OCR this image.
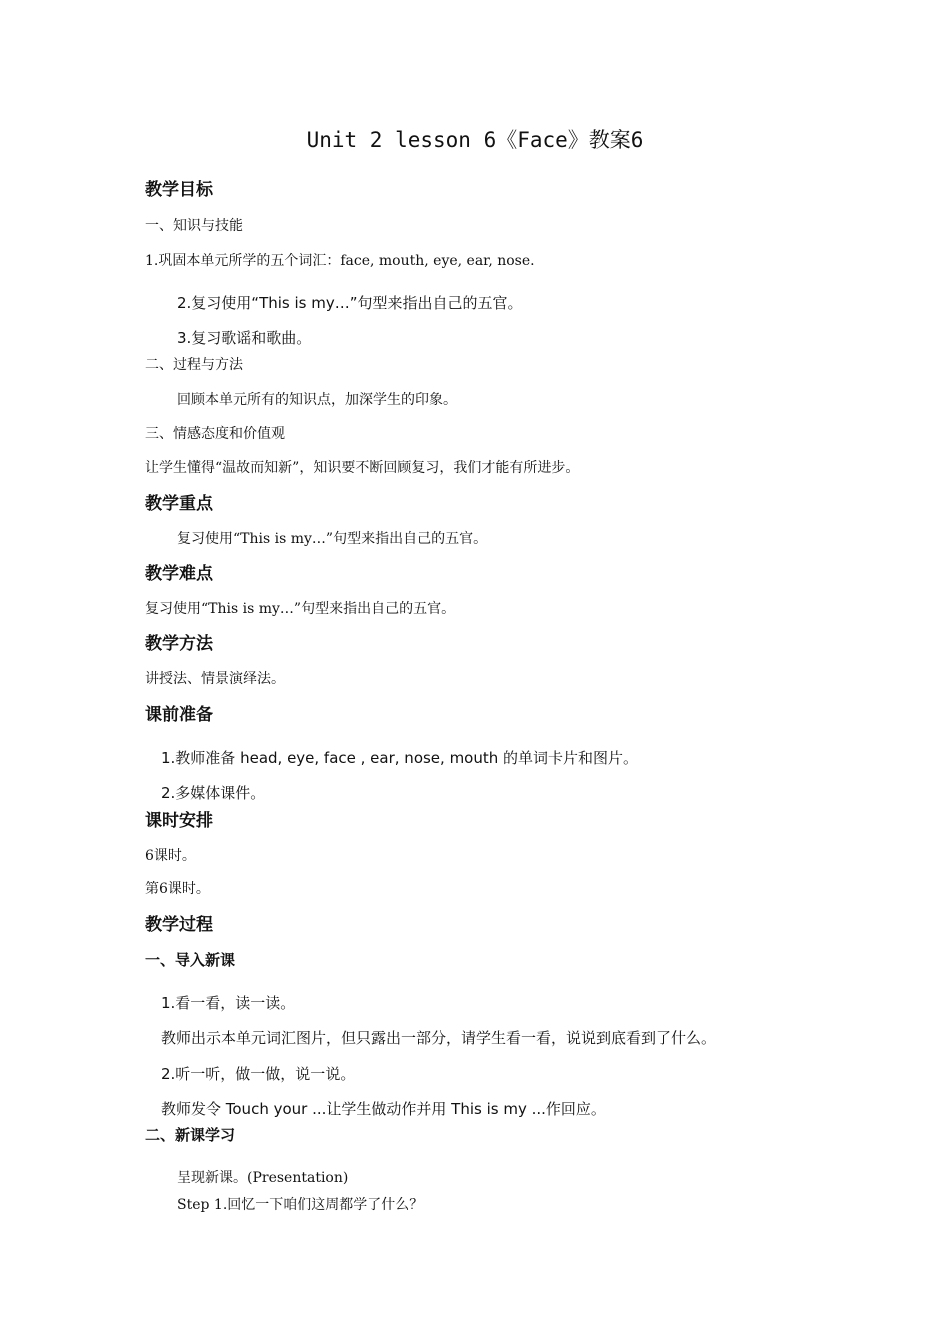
Unit 2 lesson 6《Face》教案6
教学目标
一、知识与技能
1.巩固本单元所学的五个词汇：face, mouth, eye, ear, nose.
2.复习使用“This is my…”句型来指出自己的五官。
3.复习歌谣和歌曲。
二、过程与方法
回顾本单元所有的知识点，加深学生的印象。
三、情感态度和价值观
让学生懂得“温故而知新”，知识要不断回顾复习，我们才能有所进步。
教学重点
复习使用“This is my…”句型来指出自己的五官。
教学难点
复习使用“This is my…”句型来指出自己的五官。
教学方法
讲授法、情景演绎法。
课前准备
1.教师准备 head, eye, face , ear, nose, mouth 的单词卡片和图片。
2.多媒体课件。
课时安排
6课时。
第6课时。
教学过程
一、导入新课
1.看一看，读一读。
教师出示本单元词汇图片，但只露出一部分，请学生看一看，说说到底看到了什么。
2.听一听，做一做，说一说。
教师发令 Touch your ...让学生做动作并用 This is my ...作回应。
二、新课学习
呈现新课。(Presentation)
Step 1.回忆一下咱们这周都学了什么？
